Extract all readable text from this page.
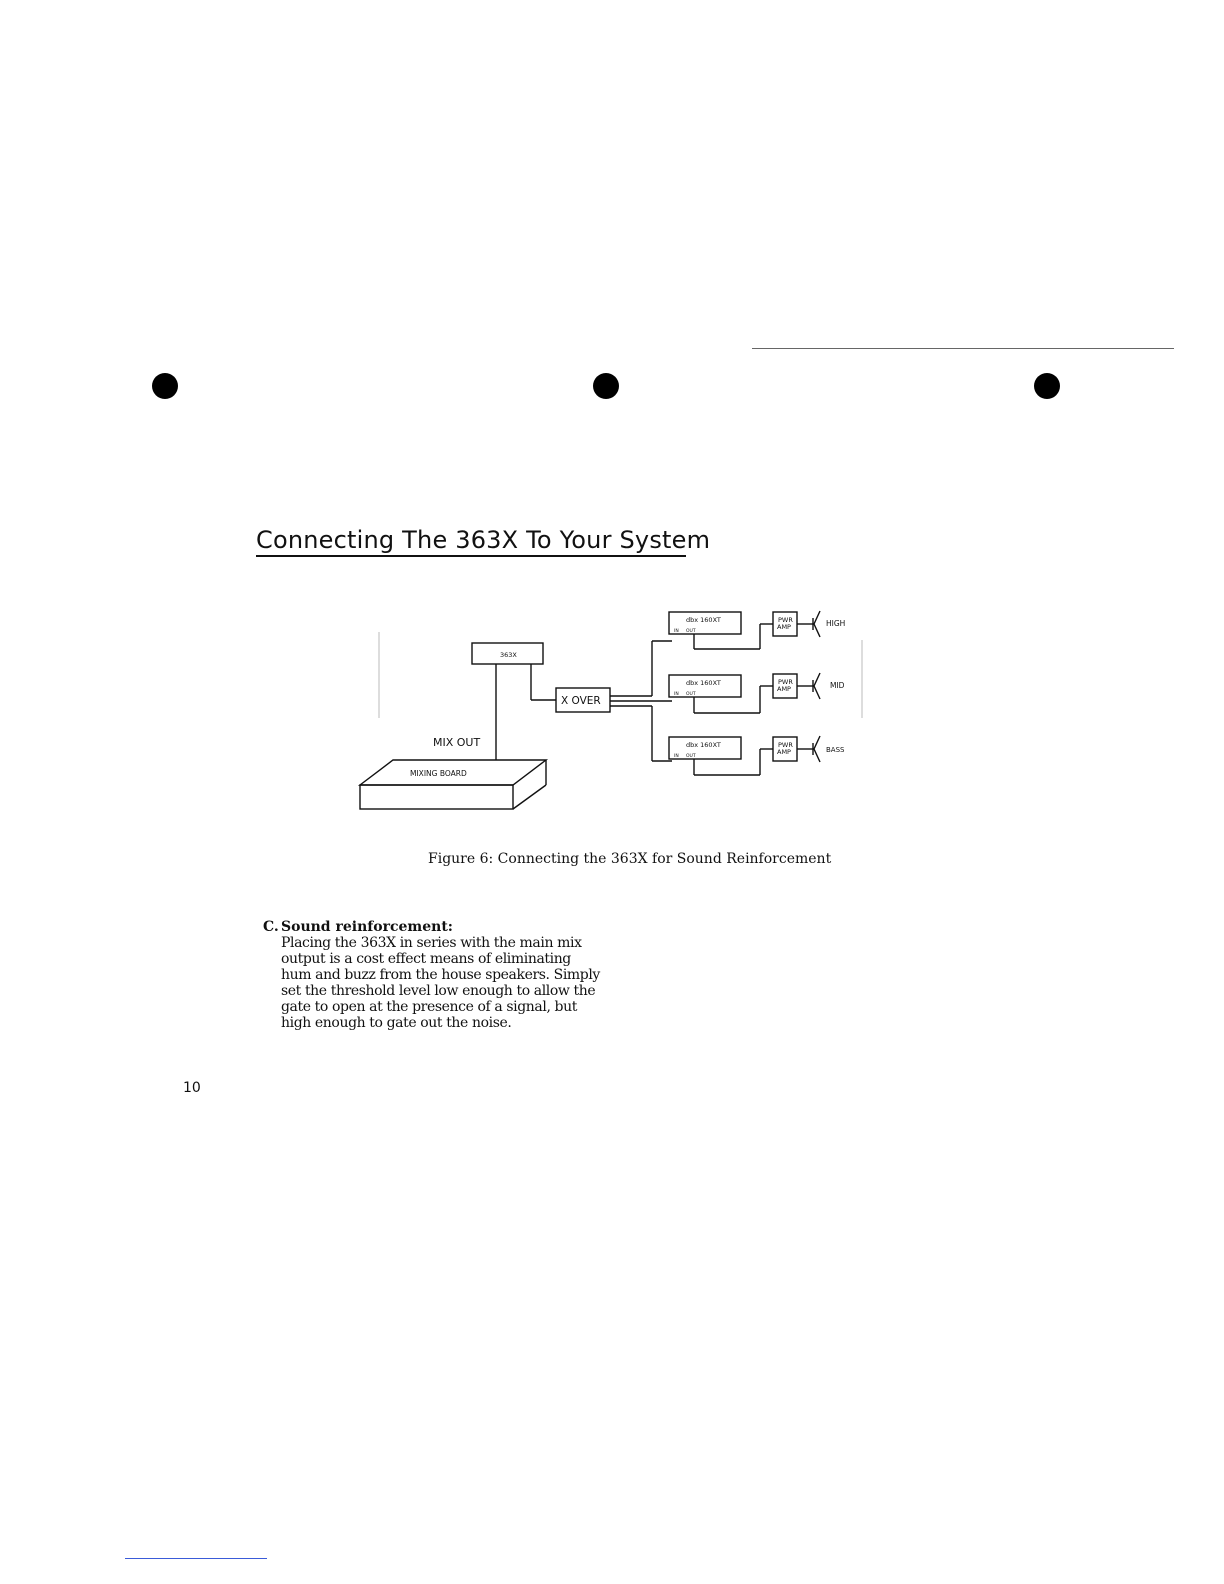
Connecting The 363X To Your System
363X
MIX OUT
MIXING BOARD
X OVER
dbx 160XT
IN OUT
dbx 160XT
IN OUT
dbx 160XT
IN OUT
PWR
AMP
PWR
AMP
PWR
AMP
HIGH
MID
BASS
Figure 6: Connecting the 363X for Sound Reinforcement
C. Sound reinforcement:
Placing the 363X in series with the main mix
output is a cost effect means of eliminating
hum and buzz from the house speakers. Simply
set the threshold level low enough to allow the
gate to open at the presence of a signal, but
high enough to gate out the noise.
10
